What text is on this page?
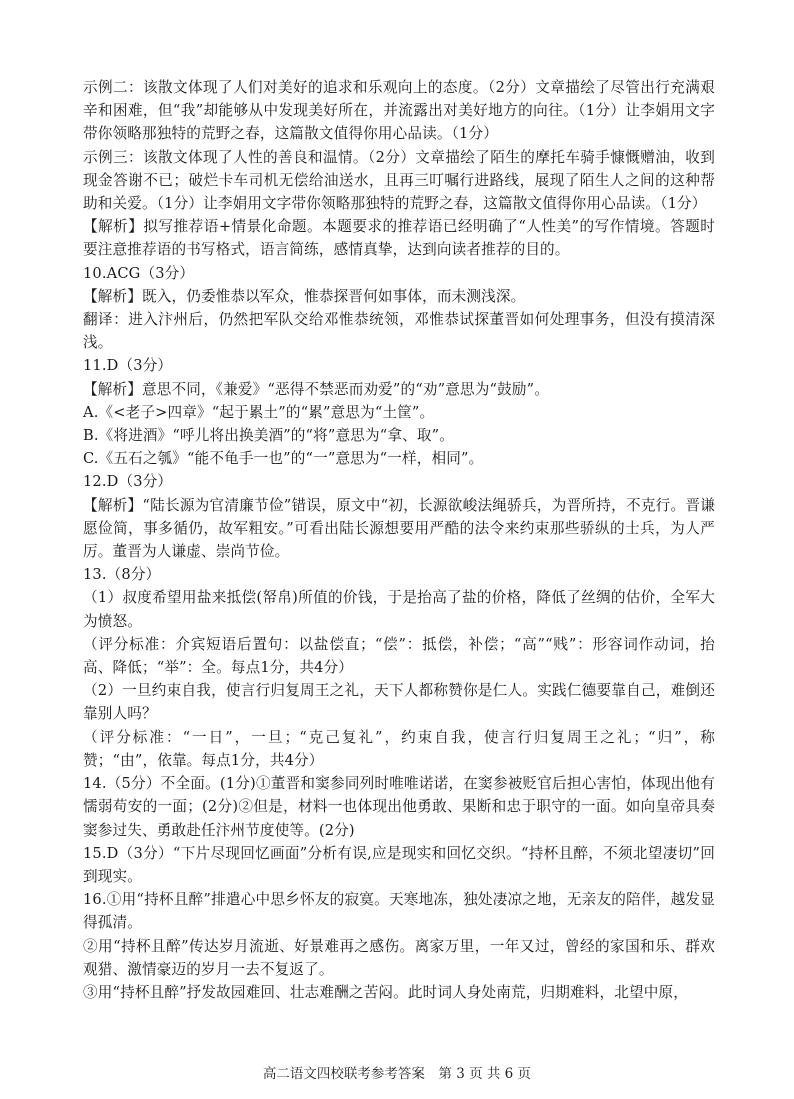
示例二：该散文体现了人们对美好的追求和乐观向上的态度。（2分）文章描绘了尽管出行充满艰辛和困难，但“我”却能够从中发现美好所在，并流露出对美好地方的向往。（1分）让李娟用文字带你领略那独特的荒野之春，这篇散文值得你用心品读。（1分）

示例三：该散文体现了人性的善良和温情。（2分）文章描绘了陌生的摩托车骑手慷慨赠油，收到现金答谢不已；破烂卡车司机无偿给油送水，且再三叮嘱行进路线，展现了陌生人之间的这种帮助和关爱。（1分）让李娟用文字带你领略那独特的荒野之春，这篇散文值得你用心品读。（1分）

【解析】拟写推荐语+情景化命题。本题要求的推荐语已经明确了“人性美”的写作情境。答题时要注意推荐语的书写格式，语言简练，感情真挚，达到向读者推荐的目的。

10.ACG（3分）

【解析】既入，仍委惟恭以军众，惟恭探晋何如事体，而未测浅深。

翻译：进入汴州后，仍然把军队交给邓惟恭统领，邓惟恭试探董晋如何处理事务，但没有摸清深浅。

11.D（3分）

【解析】意思不同，《兼爱》“恶得不禁恶而劝爱”的“劝”意思为“鼓励”。

A.《<老子>四章》“起于累土”的“累”意思为“土筐”。

B.《将进酒》“呼儿将出换美酒”的“将”意思为“拿、取”。

C.《五石之瓠》“能不龟手一也”的“一”意思为“一样，相同”。

12.D（3分）

【解析】“陆长源为官清廉节俭”错误，原文中“初，长源欲峻法绳骄兵，为晋所持，不克行。晋谦愿俭简，事多循仍，故军粗安。”可看出陆长源想要用严酷的法令来约束那些骄纵的士兵，为人严厉。董晋为人谦虚、崇尚节俭。

13.（8分）

（1）叔度希望用盐来抵偿(帑帛)所值的价钱，于是抬高了盐的价格，降低了丝绸的估价，全军大为愤怒。

（评分标准：介宾短语后置句：以盐偿直；“偿”：抵偿，补偿；“高”“贱”：形容词作动词，抬高、降低；“举”：全。每点1分，共4分）

（2）一旦约束自我，使言行归复周王之礼，天下人都称赞你是仁人。实践仁德要靠自己，难倒还靠别人吗？

（评分标准：“一日”，一旦；“克己复礼”，约束自我，使言行归复周王之礼；“归”，称赞；“由”，依靠。每点1分，共4分）

14.（5分）不全面。(1分)①董晋和窦参同列时唯唯诺诺，在窦参被贬官后担心害怕，体现出他有懦弱苟安的一面；(2分)②但是，材料一也体现出他勇敢、果断和忠于职守的一面。如向皇帝具奏窦参过失、勇敢赴任汴州节度使等。(2分)

15.D（3分）“下片尽现回忆画面”分析有误,应是现实和回忆交织。“持杯且醉，不须北望凄切”回到现实。

16.①用“持杯且醉”排遣心中思乡怀友的寂寞。天寒地冻，独处凄凉之地，无亲友的陪伴，越发显得孤清。

②用“持杯且醉”传达岁月流逝、好景难再之感伤。离家万里，一年又过，曾经的家国和乐、群欢观猎、激情豪迈的岁月一去不复返了。

③用“持杯且醉”抒发故园难回、壮志难酬之苦闷。此时词人身处南荒，归期难料，北望中原，

高二语文四校联考参考答案　第 3 页 共 6 页
